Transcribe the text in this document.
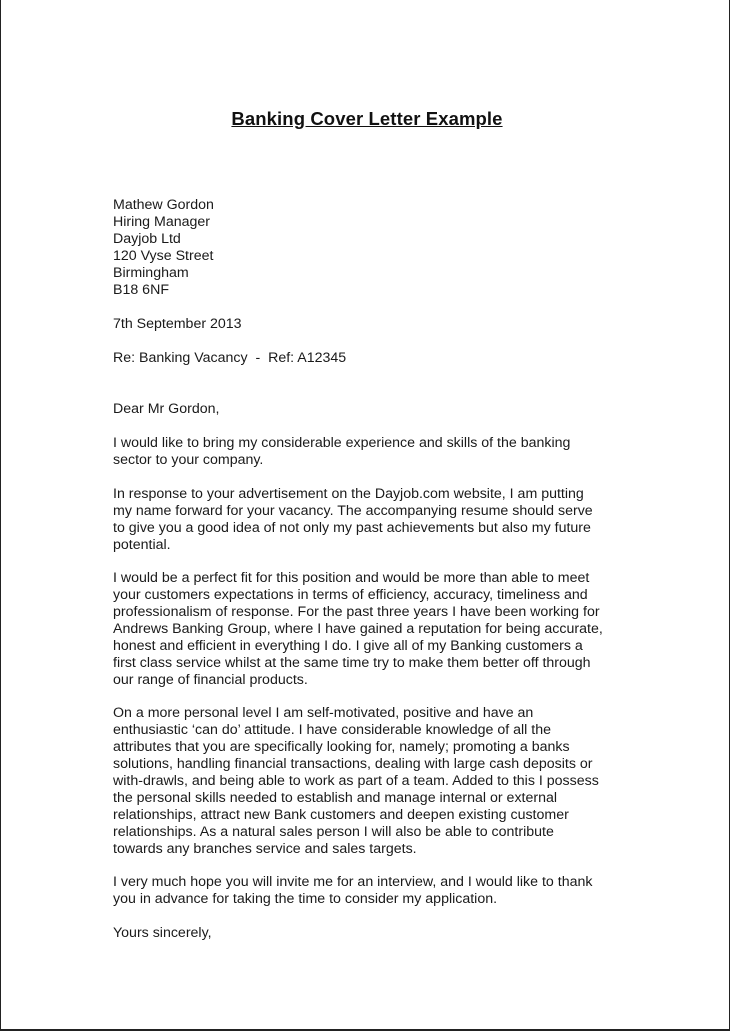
Banking Cover Letter Example
Mathew Gordon
Hiring Manager
Dayjob Ltd
120 Vyse Street
Birmingham
B18 6NF
7th September 2013
Re: Banking Vacancy  -  Ref: A12345
Dear Mr Gordon,
I would like to bring my considerable experience and skills of the banking
sector to your company.
In response to your advertisement on the Dayjob.com website, I am putting
my name forward for your vacancy. The accompanying resume should serve
to give you a good idea of not only my past achievements but also my future
potential.
I would be a perfect fit for this position and would be more than able to meet
your customers expectations in terms of efficiency, accuracy, timeliness and
professionalism of response. For the past three years I have been working for
Andrews Banking Group, where I have gained a reputation for being accurate,
honest and efficient in everything I do. I give all of my Banking customers a
first class service whilst at the same time try to make them better off through
our range of financial products.
On a more personal level I am self-motivated, positive and have an
enthusiastic ‘can do’ attitude. I have considerable knowledge of all the
attributes that you are specifically looking for, namely; promoting a banks
solutions, handling financial transactions, dealing with large cash deposits or
with-drawls, and being able to work as part of a team. Added to this I possess
the personal skills needed to establish and manage internal or external
relationships, attract new Bank customers and deepen existing customer
relationships. As a natural sales person I will also be able to contribute
towards any branches service and sales targets.
I very much hope you will invite me for an interview, and I would like to thank
you in advance for taking the time to consider my application.
Yours sincerely,
